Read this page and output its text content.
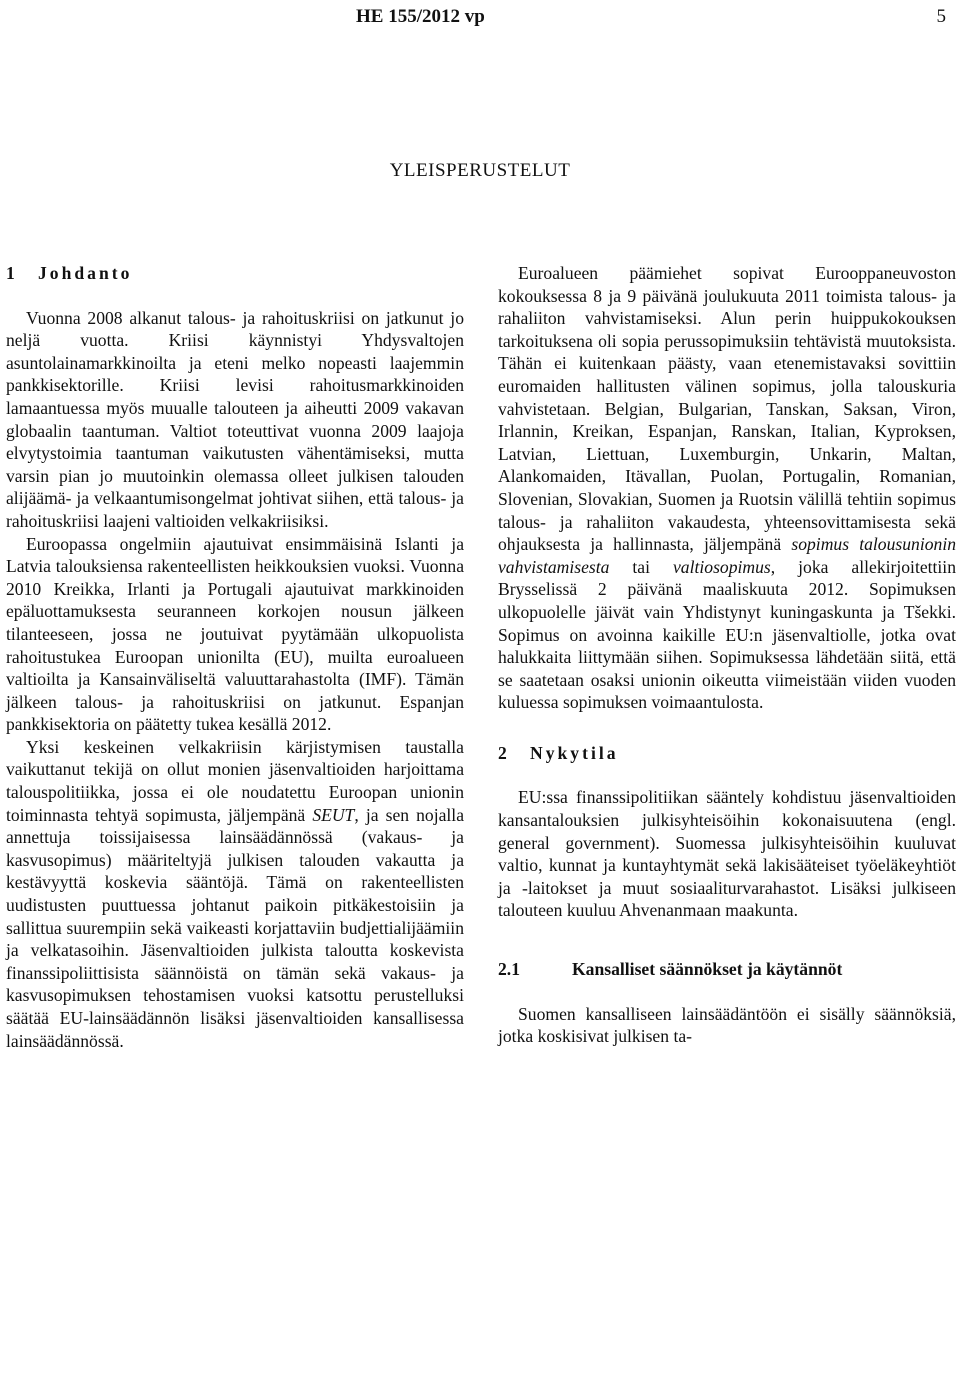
HE 155/2012 vp	5
YLEISPERUSTELUT
1 Johdanto

Vuonna 2008 alkanut talous- ja rahoituskriisi on jatkunut jo neljä vuotta. Kriisi käynnistyi Yhdysvaltojen asuntolainamarkkinoilta ja eteni melko nopeasti laajemmin pankkisektorille. Kriisi levisi rahoitusmarkkinoiden lamaantuessa myös muualle talouteen ja aiheutti 2009 vakavan globaalin taantuman. Valtiot toteuttivat vuonna 2009 laajoja elvytystoimia taantuman vaikutusten vähentämiseksi, mutta varsin pian jo muutoinkin olemassa olleet julkisen talouden alijäämä- ja velkaantumisongelmat johtivat siihen, että talous- ja rahoituskriisi laajeni valtioiden velkakriisiksi.

Euroopassa ongelmiin ajautuivat ensimmäisinä Islanti ja Latvia talouksiensa rakenteellisten heikkouksien vuoksi. Vuonna 2010 Kreikka, Irlanti ja Portugali ajautuivat markkinoiden epäluottamuksesta seuranneen korkojen nousun jälkeen tilanteeseen, jossa ne joutuivat pyytämään ulkopuolista rahoitustukea Euroopan unionilta (EU), muilta euroalueen valtioilta ja Kansainväliseltä valuuttarahastolta (IMF). Tämän jälkeen talous- ja rahoituskriisi on jatkunut. Espanjan pankkisektoria on päätetty tukea kesällä 2012.

Yksi keskeinen velkakriisin kärjistymisen taustalla vaikuttanut tekijä on ollut monien jäsenvaltioiden harjoittama talouspolitiikka, jossa ei ole noudatettu Euroopan unionin toiminnasta tehtyä sopimusta, jäljempänä SEUT, ja sen nojalla annettuja toissijaisessa lainsäädännössä (vakaus- ja kasvusopimus) määriteltyjä julkisen talouden vakautta ja kestävyyttä koskevia sääntöjä. Tämä on rakenteellisten uudistusten puuttuessa johtanut paikoin pitkäkestoisiin ja sallittua suurempiin sekä vaikeasti korjattaviin budjettialijäämiin ja velkatasoihin. Jäsenvaltioiden julkista taloutta koskevista finanssipoliittisista säännöistä on tämän sekä vakaus- ja kasvusopimuksen tehostamisen vuoksi katsottu perustelluksi säätää EU-lainsäädännön lisäksi jäsenvaltioiden kansallisessa lainsäädännössä.

Euroalueen päämiehet sopivat Eurooppaneuvoston kokouksessa 8 ja 9 päivänä joulukuuta 2011 toimista talous- ja rahaliiton vahvistamiseksi. Alun perin huippukokouksen tarkoituksena oli sopia perussopimuksiin tehtävistä muutoksista. Tähän ei kuitenkaan päästy, vaan etenemistavaksi sovittiin euromaiden hallitusten välinen sopimus, jolla talouskuria vahvistetaan. Belgian, Bulgarian, Tanskan, Saksan, Viron, Irlannin, Kreikan, Espanjan, Ranskan, Italian, Kyproksen, Latvian, Liettuan, Luxemburgin, Unkarin, Maltan, Alankomaiden, Itävallan, Puolan, Portugalin, Romanian, Slovenian, Slovakian, Suomen ja Ruotsin välillä tehtiin sopimus talous- ja rahaliiton vakaudesta, yhteensovittamisesta sekä ohjauksesta ja hallinnasta, jäljempänä sopimus talousunionin vahvistamisesta tai valtiosopimus, joka allekirjoitettiin Brysselissä 2 päivänä maaliskuuta 2012. Sopimuksen ulkopuolelle jäivät vain Yhdistynyt kuningaskunta ja Tšekki. Sopimus on avoinna kaikille EU:n jäsenvaltiolle, jotka ovat halukkaita liittymään siihen. Sopimuksessa lähdetään siitä, että se saatetaan osaksi unionin oikeutta viimeistään viiden vuoden kuluessa sopimuksen voimaantulosta.

2 Nykytila

EU:ssa finanssipolitiikan sääntely kohdistuu jäsenvaltioiden kansantalouksien julkisyhteisöihin kokonaisuutena (engl. general government). Suomessa julkisyhteisöihin kuuluvat valtio, kunnat ja kuntayhtymät sekä lakisääteiset työeläkeyhtiöt ja -laitokset ja muut sosiaaliturvarahastot. Lisäksi julkiseen talouteen kuuluu Ahvenanmaan maakunta.

2.1	Kansalliset säännökset ja käytännöt

Suomen kansalliseen lainsäädäntöön ei sisälly säännöksiä, jotka koskisivat julkisen ta-
